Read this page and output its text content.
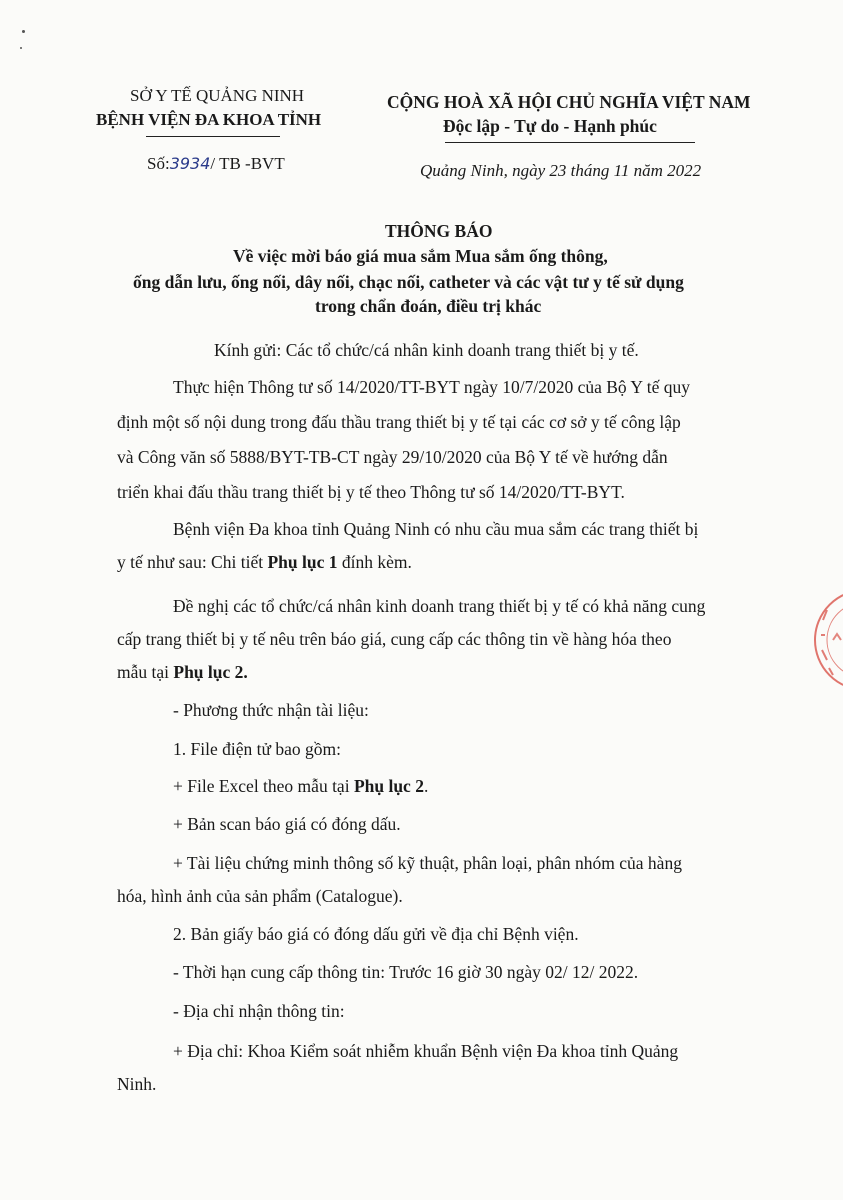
SỞ Y TẾ QUẢNG NINH
BỆNH VIỆN ĐA KHOA TỈNH
CỘNG HOÀ XÃ HỘI CHỦ NGHĨA VIỆT NAM
Độc lập - Tự do - Hạnh phúc
Số:3934/ TB -BVT	Quảng Ninh, ngày 23 tháng 11 năm 2022
THÔNG BÁO
Về việc mời báo giá mua sắm Mua sắm ống thông,
ống dẫn lưu, ống nối, dây nối, chạc nối, catheter và các vật tư y tế sử dụng
trong chẩn đoán, điều trị khác
Kính gửi: Các tổ chức/cá nhân kinh doanh trang thiết bị y tế.
Thực hiện Thông tư số 14/2020/TT-BYT ngày 10/7/2020 của Bộ Y tế quy
định một số nội dung trong đấu thầu trang thiết bị y tế tại các cơ sở y tế công lập
và Công văn số 5888/BYT-TB-CT ngày 29/10/2020 của Bộ Y tế về hướng dẫn
triển khai đấu thầu trang thiết bị y tế theo Thông tư số 14/2020/TT-BYT.
Bệnh viện Đa khoa tỉnh Quảng Ninh có nhu cầu mua sắm các trang thiết bị
y tế như sau: Chi tiết Phụ lục 1 đính kèm.
Đề nghị các tổ chức/cá nhân kinh doanh trang thiết bị y tế có khả năng cung
cấp trang thiết bị y tế nêu trên báo giá, cung cấp các thông tin về hàng hóa theo
mẫu tại Phụ lục 2.
- Phương thức nhận tài liệu:
1. File điện tử bao gồm:
+ File Excel theo mẫu tại Phụ lục 2.
+ Bản scan báo giá có đóng dấu.
+ Tài liệu chứng minh thông số kỹ thuật, phân loại, phân nhóm của hàng
hóa, hình ảnh của sản phẩm (Catalogue).
2. Bản giấy báo giá có đóng dấu gửi về địa chỉ Bệnh viện.
- Thời hạn cung cấp thông tin: Trước 16 giờ 30 ngày 02/ 12/ 2022.
- Địa chỉ nhận thông tin:
+ Địa chỉ: Khoa Kiểm soát nhiễm khuẩn Bệnh viện Đa khoa tỉnh Quảng
Ninh.
